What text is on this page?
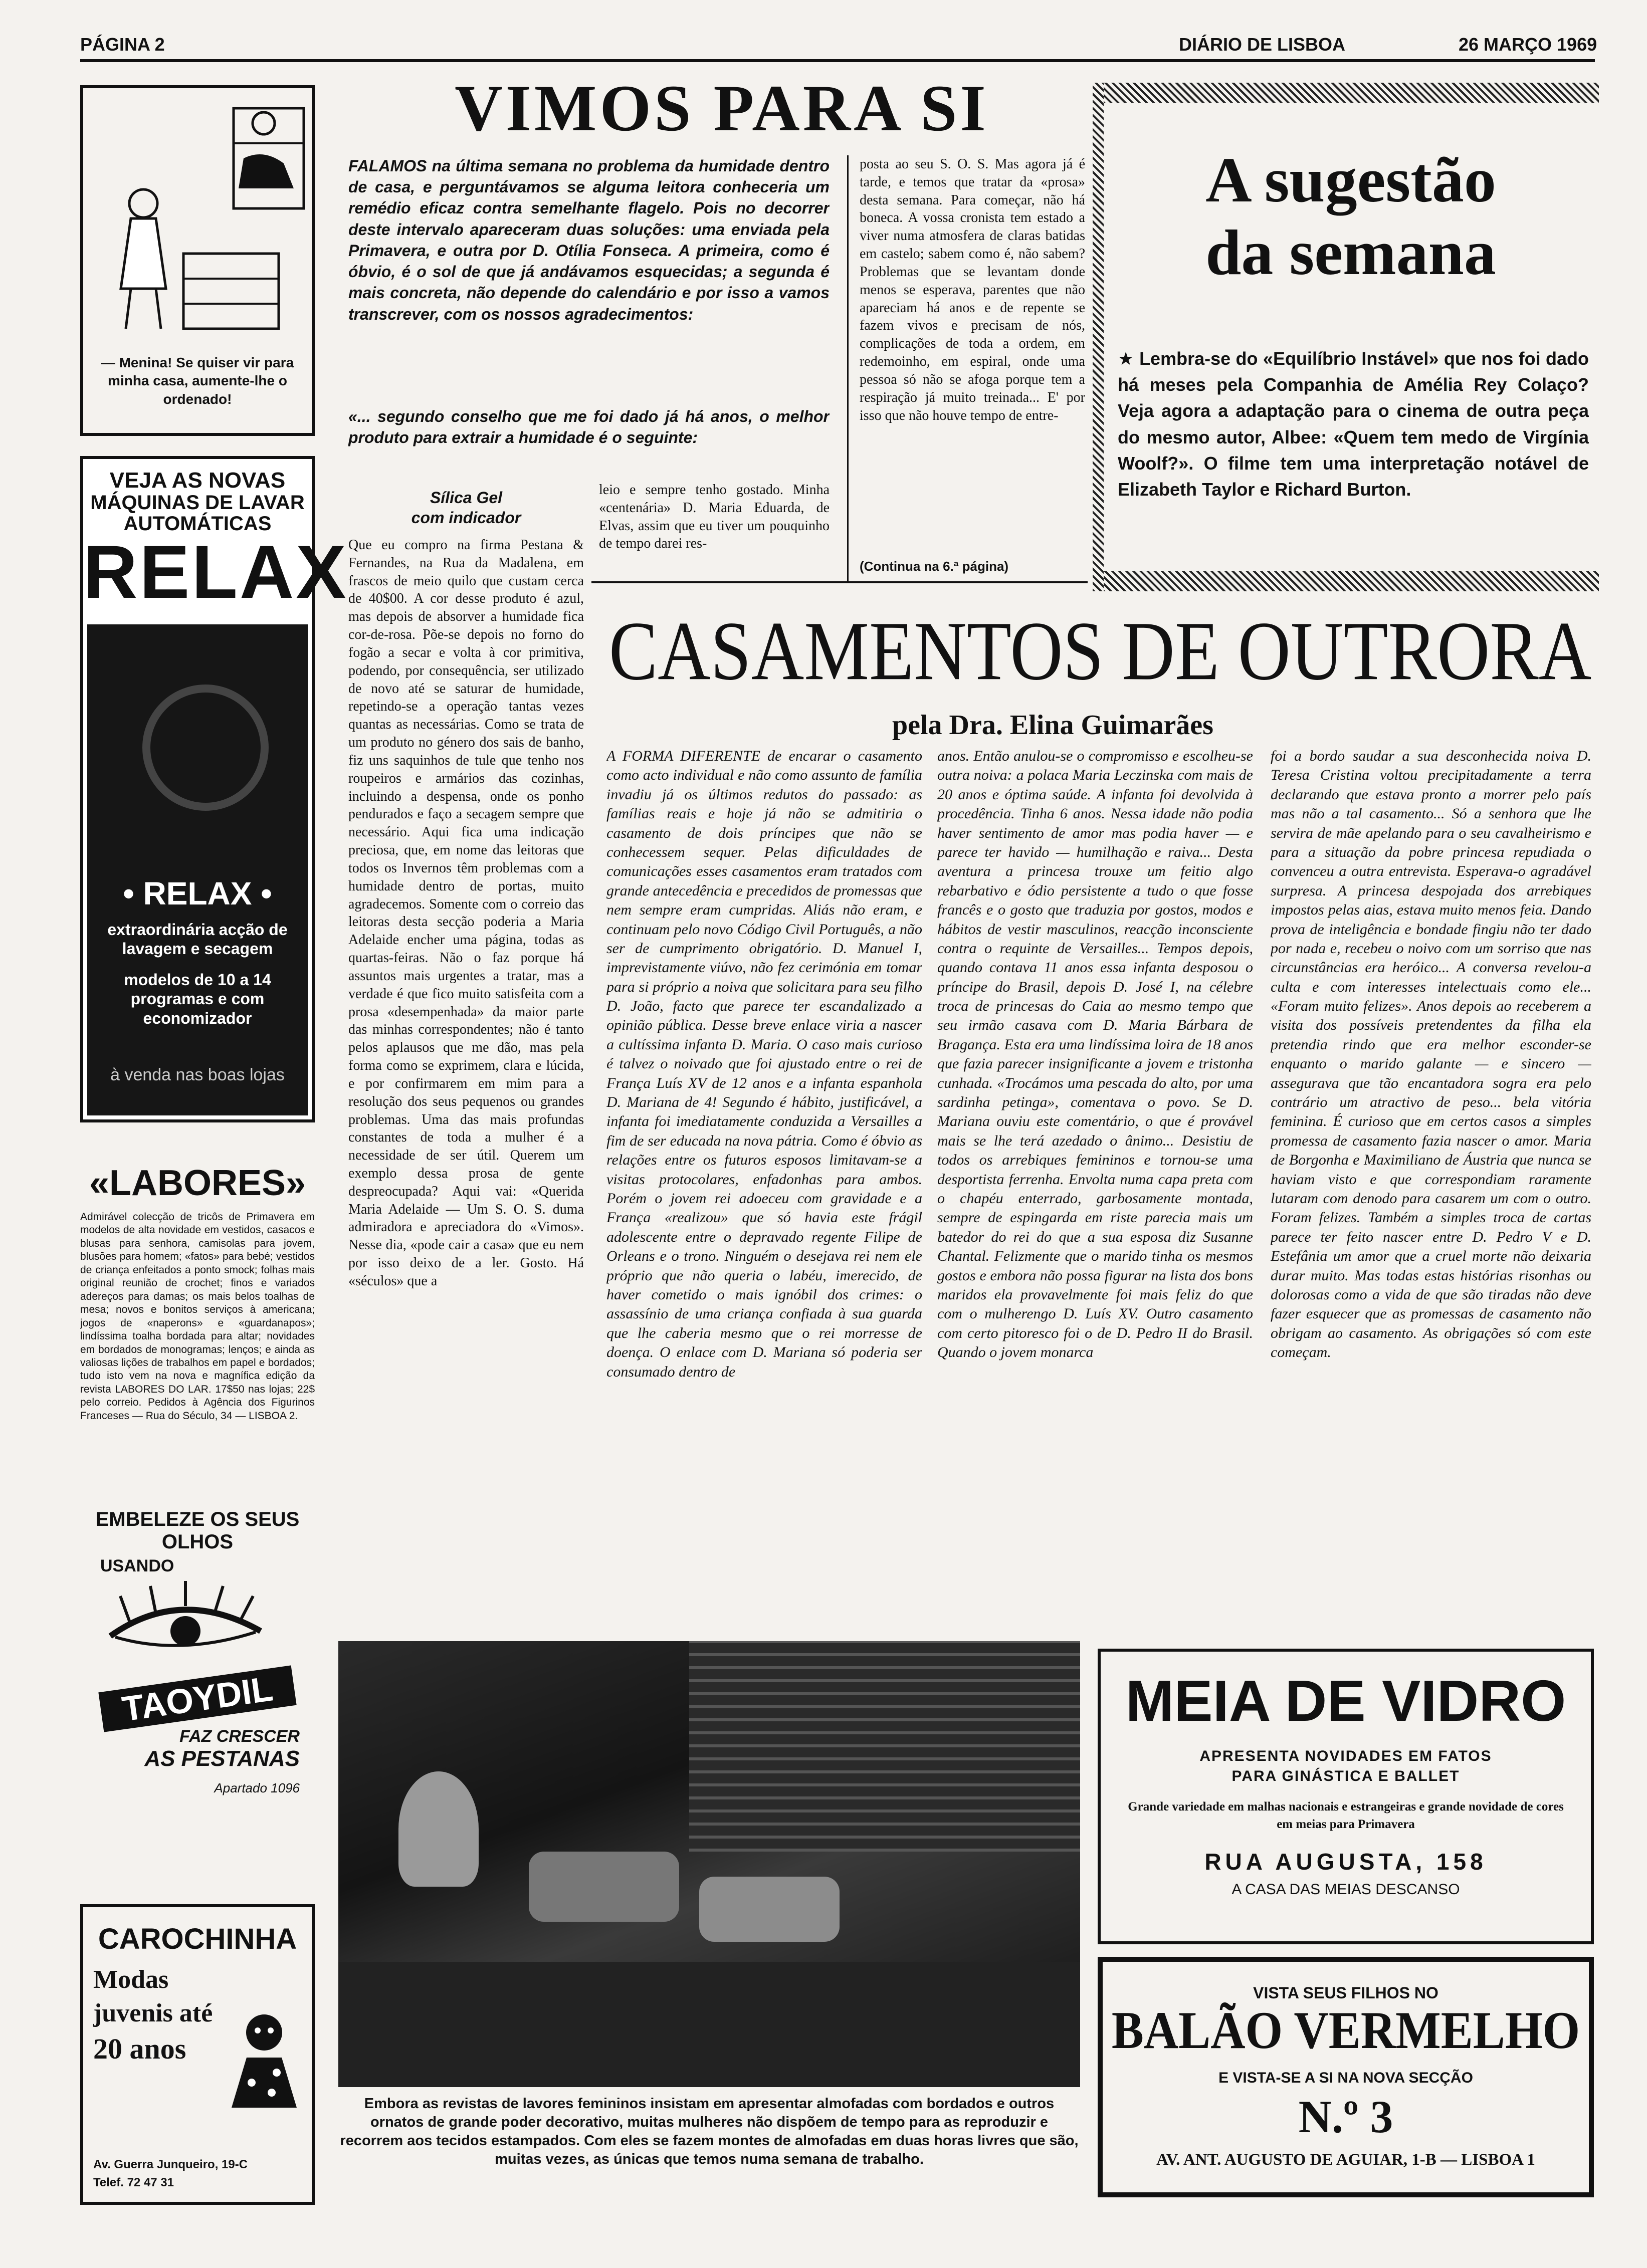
PÁGINA 2	DIÁRIO DE LISBOA	26 MARÇO 1969
— Menina! Se quiser vir para minha casa, aumente-lhe o ordenado!
VEJA AS NOVAS
MÁQUINAS DE LAVAR
AUTOMÁTICAS
RELAX
• RELAX •
extraordinária acção de lavagem e secagem
modelos de 10 a 14 programas e com economizador
à venda nas boas lojas
«LABORES»
Admirável colecção de tricôs de Primavera em modelos de alta novidade em vestidos, casacos e blusas para senhora, camisolas para jovem, blusões para homem; «fatos» para bebé; vestidos de criança enfeitados a ponto smock; folhas mais original reunião de crochet; finos e variados adereços para damas; os mais belos toalhas de mesa; novos e bonitos serviços à americana; jogos de «naperons» e «guardanapos»; lindíssima toalha bordada para altar; novidades em bordados de monogramas; lenços; e ainda as valiosas lições de trabalhos em papel e bordados; tudo isto vem na nova e magnífica edição da revista LABORES DO LAR. 17$50 nas lojas; 22$ pelo correio. Pedidos à Agência dos Figurinos Franceses — Rua do Século, 34 — LISBOA 2.
EMBELEZE OS SEUS OLHOS
USANDO
TAOYDIL
FAZ CRESCER
AS PESTANAS
Apartado 1096
CAROCHINHA
Modas
juvenis até
20 anos
Av. Guerra Junqueiro, 19-C
Telef. 72 47 31
VIMOS PARA SI
FALAMOS na última semana no problema da humidade dentro de casa, e perguntávamos se alguma leitora conheceria um remédio eficaz contra semelhante flagelo. Pois no decorrer deste intervalo apareceram duas soluções: uma enviada pela Primavera, e outra por D. Otília Fonseca. A primeira, como é óbvio, é o sol de que já andávamos esquecidas; a segunda é mais concreta, não depende do calendário e por isso a vamos transcrever, com os nossos agradecimentos:
«... segundo conselho que me foi dado já há anos, o melhor produto para extrair a humidade é o seguinte:
Sílica Gel
com indicador
Que eu compro na firma Pestana & Fernandes, na Rua da Madalena, em frascos de meio quilo que custam cerca de 40$00. A cor desse produto é azul, mas depois de absorver a humidade fica cor-de-rosa. Põe-se depois no forno do fogão a secar e volta à cor primitiva, podendo, por consequência, ser utilizado de novo até se saturar de humidade, repetindo-se a operação tantas vezes quantas as necessárias. Como se trata de um produto no género dos sais de banho, fiz uns saquinhos de tule que tenho nos roupeiros e armários das cozinhas, incluindo a despensa, onde os ponho pendurados e faço a secagem sempre que necessário. Aqui fica uma indicação preciosa, que, em nome das leitoras que todos os Invernos têm problemas com a humidade dentro de portas, muito agradecemos. Somente com o correio das leitoras desta secção poderia a Maria Adelaide encher uma página, todas as quartas-feiras. Não o faz porque há assuntos mais urgentes a tratar, mas a verdade é que fico muito satisfeita com a prosa «desempenhada» da maior parte das minhas correspondentes; não é tanto pelos aplausos que me dão, mas pela forma como se exprimem, clara e lúcida, e por confirmarem em mim para a resolução dos seus pequenos ou grandes problemas. Uma das mais profundas constantes de toda a mulher é a necessidade de ser útil. Querem um exemplo dessa prosa de gente despreocupada? Aqui vai: «Querida Maria Adelaide — Um S. O. S. duma admiradora e apreciadora do «Vimos». Nesse dia, «pode cair a casa» que eu nem por isso deixo de a ler. Gosto. Há «séculos» que a
leio e sempre tenho gostado. Minha «centenária» D. Maria Eduarda, de Elvas, assim que eu tiver um pouquinho de tempo darei res-
posta ao seu S. O. S. Mas agora já é tarde, e temos que tratar da «prosa» desta semana. Para começar, não há boneca. A vossa cronista tem estado a viver numa atmosfera de claras batidas em castelo; sabem como é, não sabem? Problemas que se levantam donde menos se esperava, parentes que não apareciam há anos e de repente se fazem vivos e precisam de nós, complicações de toda a ordem, em redemoinho, em espiral, onde uma pessoa só não se afoga porque tem a respiração já muito treinada... E' por isso que não houve tempo de entre-
(Continua na 6.ª página)
A sugestão
da semana
★ Lembra-se do «Equilíbrio Instável» que nos foi dado há meses pela Companhia de Amélia Rey Colaço? Veja agora a adaptação para o cinema de outra peça do mesmo autor, Albee: «Quem tem medo de Virgínia Woolf?». O filme tem uma interpretação notável de Elizabeth Taylor e Richard Burton.
CASAMENTOS DE OUTRORA
pela Dra. Elina Guimarães
A FORMA DIFERENTE de encarar o casamento como acto individual e não como assunto de família invadiu já os últimos redutos do passado: as famílias reais e hoje já não se admitiria o casamento de dois príncipes que não se conhecessem sequer. Pelas dificuldades de comunicações esses casamentos eram tratados com grande antecedência e precedidos de promessas que nem sempre eram cumpridas. Aliás não eram, e continuam pelo novo Código Civil Português, a não ser de cumprimento obrigatório. D. Manuel I, imprevistamente viúvo, não fez cerimónia em tomar para si próprio a noiva que solicitara para seu filho D. João, facto que parece ter escandalizado a opinião pública. Desse breve enlace viria a nascer a cultíssima infanta D. Maria. O caso mais curioso é talvez o noivado que foi ajustado entre o rei de França Luís XV de 12 anos e a infanta espanhola D. Mariana de 4! Segundo é hábito, justificável, a infanta foi imediatamente conduzida a Versailles a fim de ser educada na nova pátria. Como é óbvio as relações entre os futuros esposos limitavam-se a visitas protocolares, enfadonhas para ambos. Porém o jovem rei adoeceu com gravidade e a França «realizou» que só havia este frágil adolescente entre o depravado regente Filipe de Orleans e o trono. Ninguém o desejava rei nem ele próprio que não queria o labéu, imerecido, de haver cometido o mais ignóbil dos crimes: o assassínio de uma criança confiada à sua guarda que lhe caberia mesmo que o rei morresse de doença. O enlace com D. Mariana só poderia ser consumado dentro de
anos. Então anulou-se o compromisso e escolheu-se outra noiva: a polaca Maria Leczinska com mais de 20 anos e óptima saúde. A infanta foi devolvida à procedência. Tinha 6 anos. Nessa idade não podia haver sentimento de amor mas podia haver — e parece ter havido — humilhação e raiva... Desta aventura a princesa trouxe um feitio algo rebarbativo e ódio persistente a tudo o que fosse francês e o gosto que traduzia por gostos, modos e hábitos de vestir masculinos, reacção inconsciente contra o requinte de Versailles... Tempos depois, quando contava 11 anos essa infanta desposou o príncipe do Brasil, depois D. José I, na célebre troca de princesas do Caia ao mesmo tempo que seu irmão casava com D. Maria Bárbara de Bragança. Esta era uma lindíssima loira de 18 anos que fazia parecer insignificante a jovem e tristonha cunhada. «Trocámos uma pescada do alto, por uma sardinha petinga», comentava o povo. Se D. Mariana ouviu este comentário, o que é provável mais se lhe terá azedado o ânimo... Desistiu de todos os arrebiques femininos e tornou-se uma desportista ferrenha. Envolta numa capa preta com o chapéu enterrado, garbosamente montada, sempre de espingarda em riste parecia mais um batedor do rei do que a sua esposa diz Susanne Chantal. Felizmente que o marido tinha os mesmos gostos e embora não possa figurar na lista dos bons maridos ela provavelmente foi mais feliz do que com o mulherengo D. Luís XV. Outro casamento com certo pitoresco foi o de D. Pedro II do Brasil. Quando o jovem monarca
foi a bordo saudar a sua desconhecida noiva D. Teresa Cristina voltou precipitadamente a terra declarando que estava pronto a morrer pelo país mas não a tal casamento... Só a senhora que lhe servira de mãe apelando para o seu cavalheirismo e para a situação da pobre princesa repudiada o convenceu a outra entrevista. Esperava-o agradável surpresa. A princesa despojada dos arrebiques impostos pelas aias, estava muito menos feia. Dando prova de inteligência e bondade fingiu não ter dado por nada e, recebeu o noivo com um sorriso que nas circunstâncias era heróico... A conversa revelou-a culta e com interesses intelectuais como ele... «Foram muito felizes». Anos depois ao receberem a visita dos possíveis pretendentes da filha ela pretendia rindo que era melhor esconder-se enquanto o marido galante — e sincero — assegurava que tão encantadora sogra era pelo contrário um atractivo de peso... bela vitória feminina. É curioso que em certos casos a simples promessa de casamento fazia nascer o amor. Maria de Borgonha e Maximiliano de Áustria que nunca se haviam visto e que correspondiam raramente lutaram com denodo para casarem um com o outro. Foram felizes. Também a simples troca de cartas parece ter feito nascer entre D. Pedro V e D. Estefânia um amor que a cruel morte não deixaria durar muito. Mas todas estas histórias risonhas ou dolorosas como a vida de que são tiradas não deve fazer esquecer que as promessas de casamento não obrigam ao casamento. As obrigações só com este começam.
Embora as revistas de lavores femininos insistam em apresentar almofadas com bordados e outros ornatos de grande poder decorativo, muitas mulheres não dispõem de tempo para as reproduzir e recorrem aos tecidos estampados. Com eles se fazem montes de almofadas em duas horas livres que são, muitas vezes, as únicas que temos numa semana de trabalho.
MEIA DE VIDRO
APRESENTA NOVIDADES EM FATOS
PARA GINÁSTICA E BALLET
Grande variedade em malhas nacionais e estrangeiras e grande novidade de cores em meias para Primavera
RUA AUGUSTA, 158
A CASA DAS MEIAS DESCANSO
VISTA SEUS FILHOS NO
BALÃO VERMELHO
E VISTA-SE A SI NA NOVA SECÇÃO
N.º 3
AV. ANT. AUGUSTO DE AGUIAR, 1-B — LISBOA 1
